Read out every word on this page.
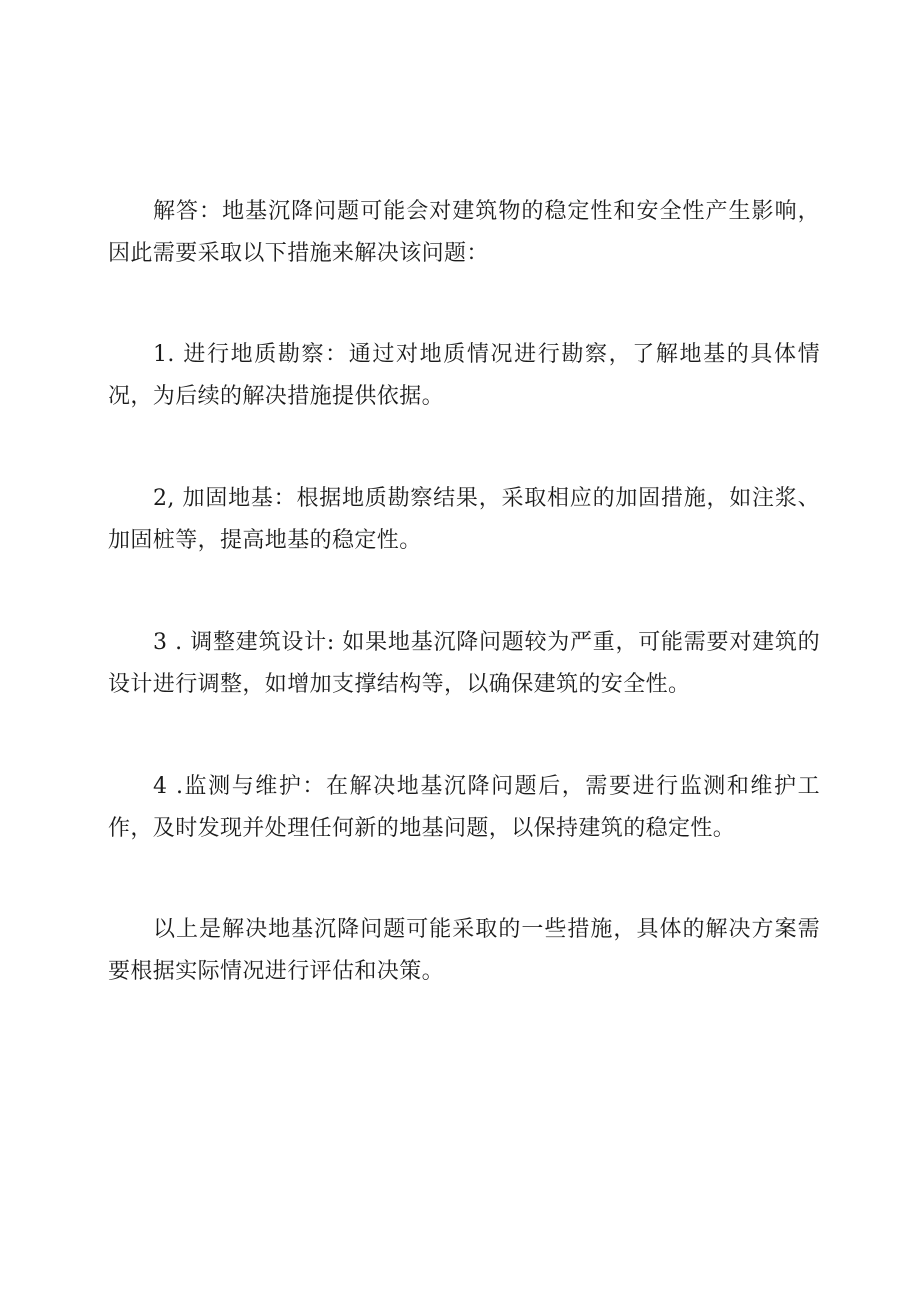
解答：地基沉降问题可能会对建筑物的稳定性和安全性产生影响，因此需要采取以下措施来解决该问题：

1. 进行地质勘察：通过对地质情况进行勘察，了解地基的具体情况，为后续的解决措施提供依据。

2, 加固地基：根据地质勘察结果，采取相应的加固措施，如注浆、加固桩等，提高地基的稳定性。

3 . 调整建筑设计: 如果地基沉降问题较为严重，可能需要对建筑的设计进行调整，如增加支撑结构等，以确保建筑的安全性。

4 .监测与维护：在解决地基沉降问题后，需要进行监测和维护工作，及时发现并处理任何新的地基问题，以保持建筑的稳定性。

以上是解决地基沉降问题可能采取的一些措施，具体的解决方案需要根据实际情况进行评估和决策。
